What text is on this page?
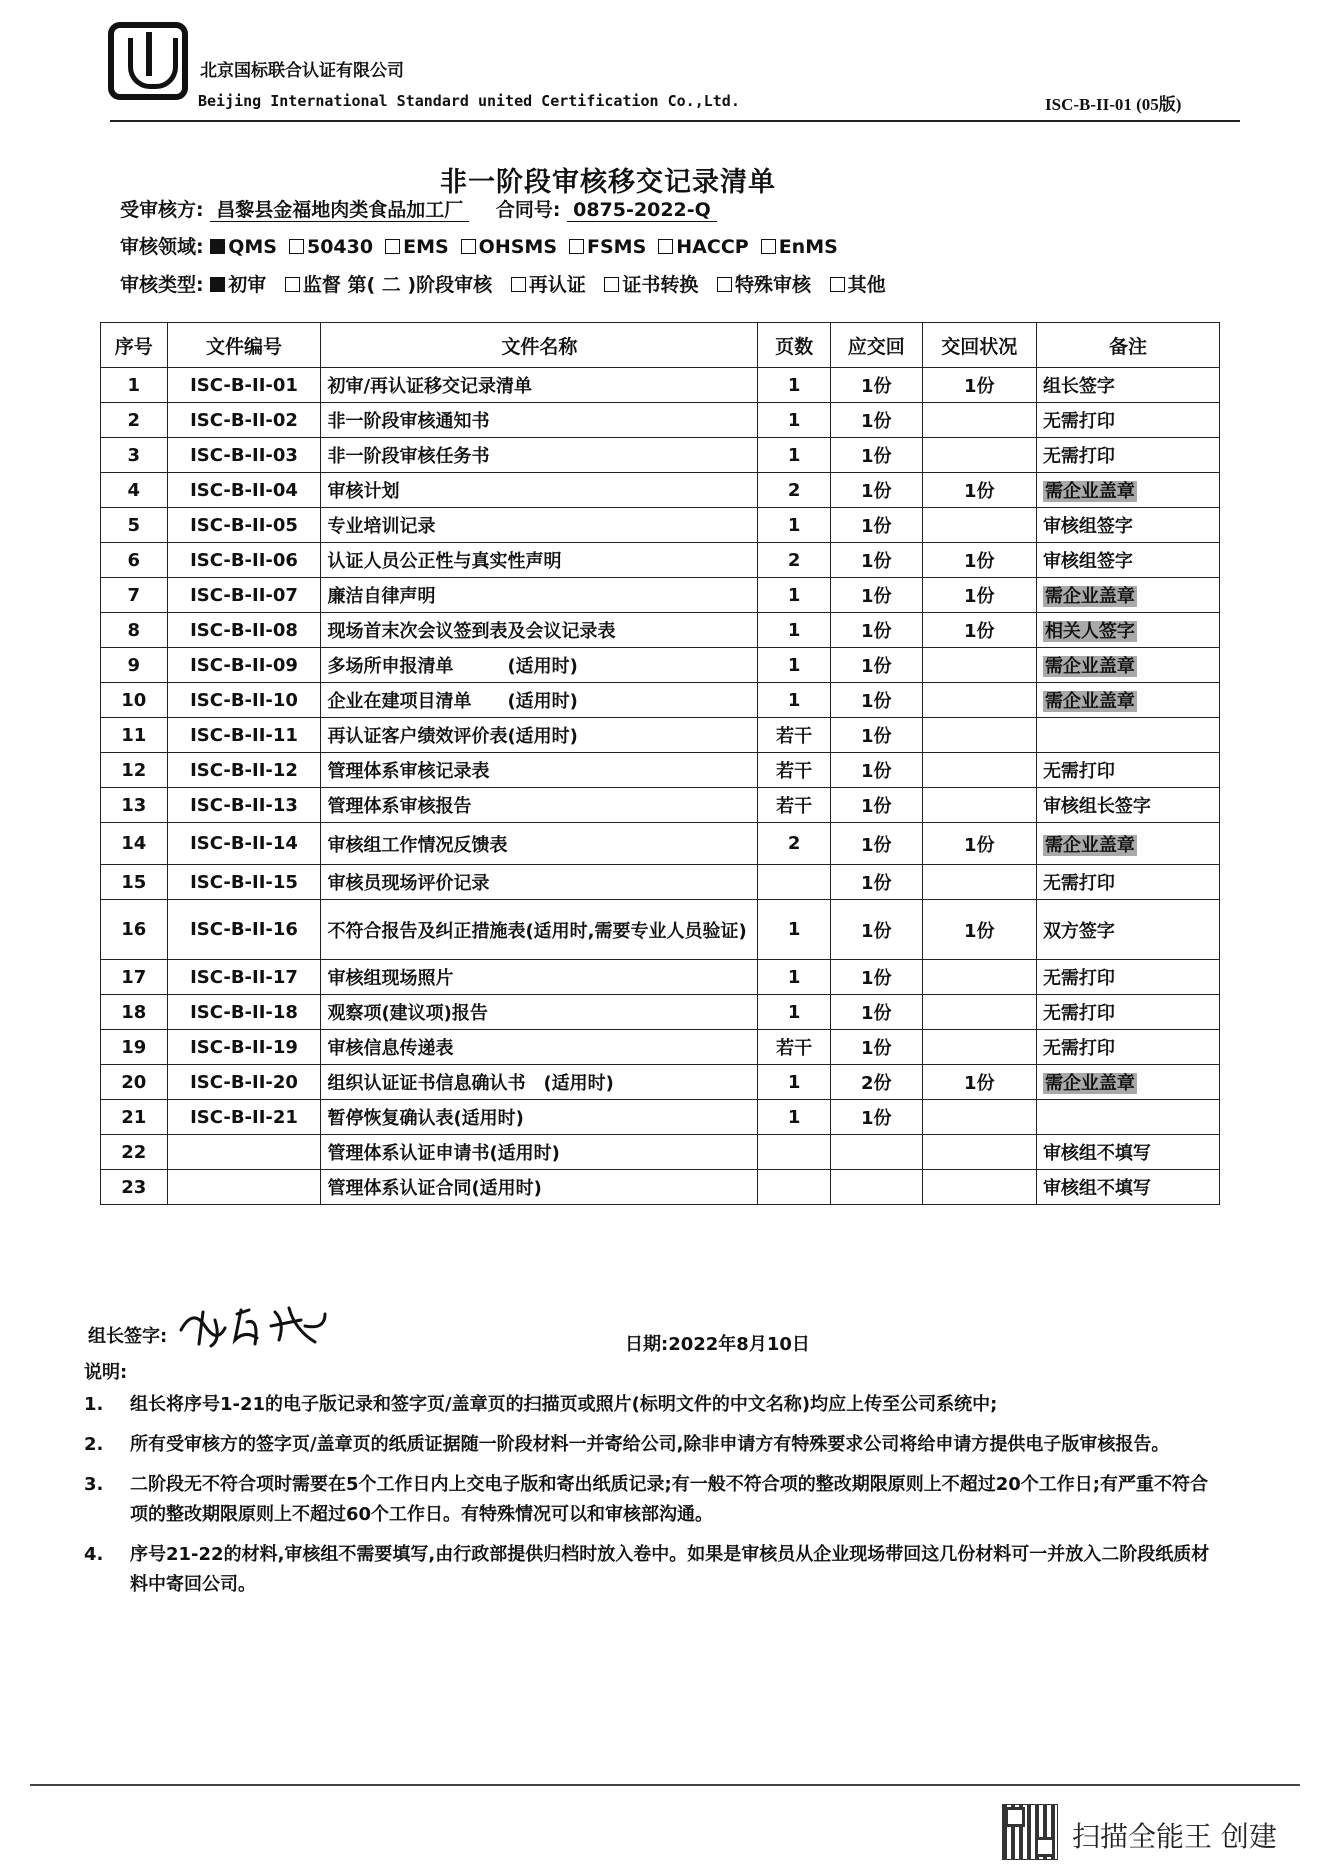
北京国标联合认证有限公司
Beijing International Standard united Certification Co.,Ltd.	ISC-B-II-01 (05版)
非一阶段审核移交记录清单
受审核方: 昌黎县金福地肉类食品加工厂 合同号: 0875-2022-Q
审核领域: QMS 50430 EMS OHSMS FSMS HACCP EnMS
审核类型: 初审 监督 第( 二 )阶段审核 再认证 证书转换 特殊审核 其他
序号	文件编号	文件名称	页数	应交回	交回状况	备注
1	ISC-B-II-01	初审/再认证移交记录清单	1	1份	1份	组长签字
2	ISC-B-II-02	非一阶段审核通知书	1	1份		无需打印
3	ISC-B-II-03	非一阶段审核任务书	1	1份		无需打印
4	ISC-B-II-04	审核计划	2	1份	1份	需企业盖章
5	ISC-B-II-05	专业培训记录	1	1份		审核组签字
6	ISC-B-II-06	认证人员公正性与真实性声明	2	1份	1份	审核组签字
7	ISC-B-II-07	廉洁自律声明	1	1份	1份	需企业盖章
8	ISC-B-II-08	现场首末次会议签到表及会议记录表	1	1份	1份	相关人签字
9	ISC-B-II-09	多场所申报清单　　　(适用时)	1	1份		需企业盖章
10	ISC-B-II-10	企业在建项目清单　　(适用时)	1	1份		需企业盖章
11	ISC-B-II-11	再认证客户绩效评价表(适用时)	若干	1份		
12	ISC-B-II-12	管理体系审核记录表	若干	1份		无需打印
13	ISC-B-II-13	管理体系审核报告	若干	1份		审核组长签字
14	ISC-B-II-14	审核组工作情况反馈表	2	1份	1份	需企业盖章
15	ISC-B-II-15	审核员现场评价记录		1份		无需打印
16	ISC-B-II-16	不符合报告及纠正措施表(适用时,需要专业人员验证)	1	1份	1份	双方签字
17	ISC-B-II-17	审核组现场照片	1	1份		无需打印
18	ISC-B-II-18	观察项(建议项)报告	1	1份		无需打印
19	ISC-B-II-19	审核信息传递表	若干	1份		无需打印
20	ISC-B-II-20	组织认证证书信息确认书　(适用时)	1	2份	1份	需企业盖章
21	ISC-B-II-21	暂停恢复确认表(适用时)	1	1份		
22		管理体系认证申请书(适用时)				审核组不填写
23		管理体系认证合同(适用时)				审核组不填写
组长签字:	日期:2022年8月10日
说明:
1.	组长将序号1-21的电子版记录和签字页/盖章页的扫描页或照片(标明文件的中文名称)均应上传至公司系统中;
2.	所有受审核方的签字页/盖章页的纸质证据随一阶段材料一并寄给公司,除非申请方有特殊要求公司将给申请方提供电子版审核报告。
3.	二阶段无不符合项时需要在5个工作日内上交电子版和寄出纸质记录;有一般不符合项的整改期限原则上不超过20个工作日;有严重不符合项的整改期限原则上不超过60个工作日。有特殊情况可以和审核部沟通。
4.	序号21-22的材料,审核组不需要填写,由行政部提供归档时放入卷中。如果是审核员从企业现场带回这几份材料可一并放入二阶段纸质材料中寄回公司。
扫描全能王 创建
